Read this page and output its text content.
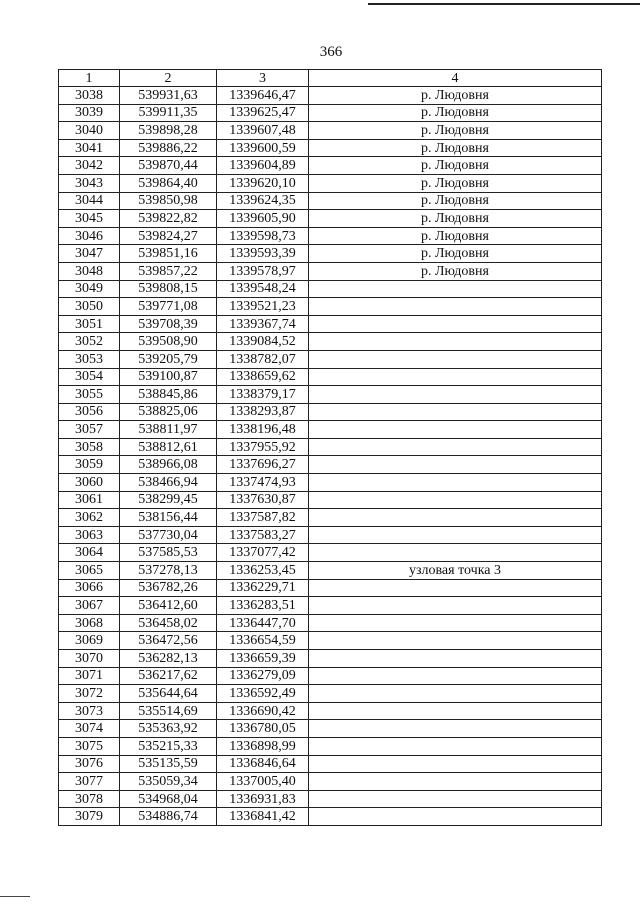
366
1	2	3	4
3038	539931,63	1339646,47	р. Людовня
3039	539911,35	1339625,47	р. Людовня
3040	539898,28	1339607,48	р. Людовня
3041	539886,22	1339600,59	р. Людовня
3042	539870,44	1339604,89	р. Людовня
3043	539864,40	1339620,10	р. Людовня
3044	539850,98	1339624,35	р. Людовня
3045	539822,82	1339605,90	р. Людовня
3046	539824,27	1339598,73	р. Людовня
3047	539851,16	1339593,39	р. Людовня
3048	539857,22	1339578,97	р. Людовня
3049	539808,15	1339548,24	
3050	539771,08	1339521,23	
3051	539708,39	1339367,74	
3052	539508,90	1339084,52	
3053	539205,79	1338782,07	
3054	539100,87	1338659,62	
3055	538845,86	1338379,17	
3056	538825,06	1338293,87	
3057	538811,97	1338196,48	
3058	538812,61	1337955,92	
3059	538966,08	1337696,27	
3060	538466,94	1337474,93	
3061	538299,45	1337630,87	
3062	538156,44	1337587,82	
3063	537730,04	1337583,27	
3064	537585,53	1337077,42	
3065	537278,13	1336253,45	узловая точка 3
3066	536782,26	1336229,71	
3067	536412,60	1336283,51	
3068	536458,02	1336447,70	
3069	536472,56	1336654,59	
3070	536282,13	1336659,39	
3071	536217,62	1336279,09	
3072	535644,64	1336592,49	
3073	535514,69	1336690,42	
3074	535363,92	1336780,05	
3075	535215,33	1336898,99	
3076	535135,59	1336846,64	
3077	535059,34	1337005,40	
3078	534968,04	1336931,83	
3079	534886,74	1336841,42	
